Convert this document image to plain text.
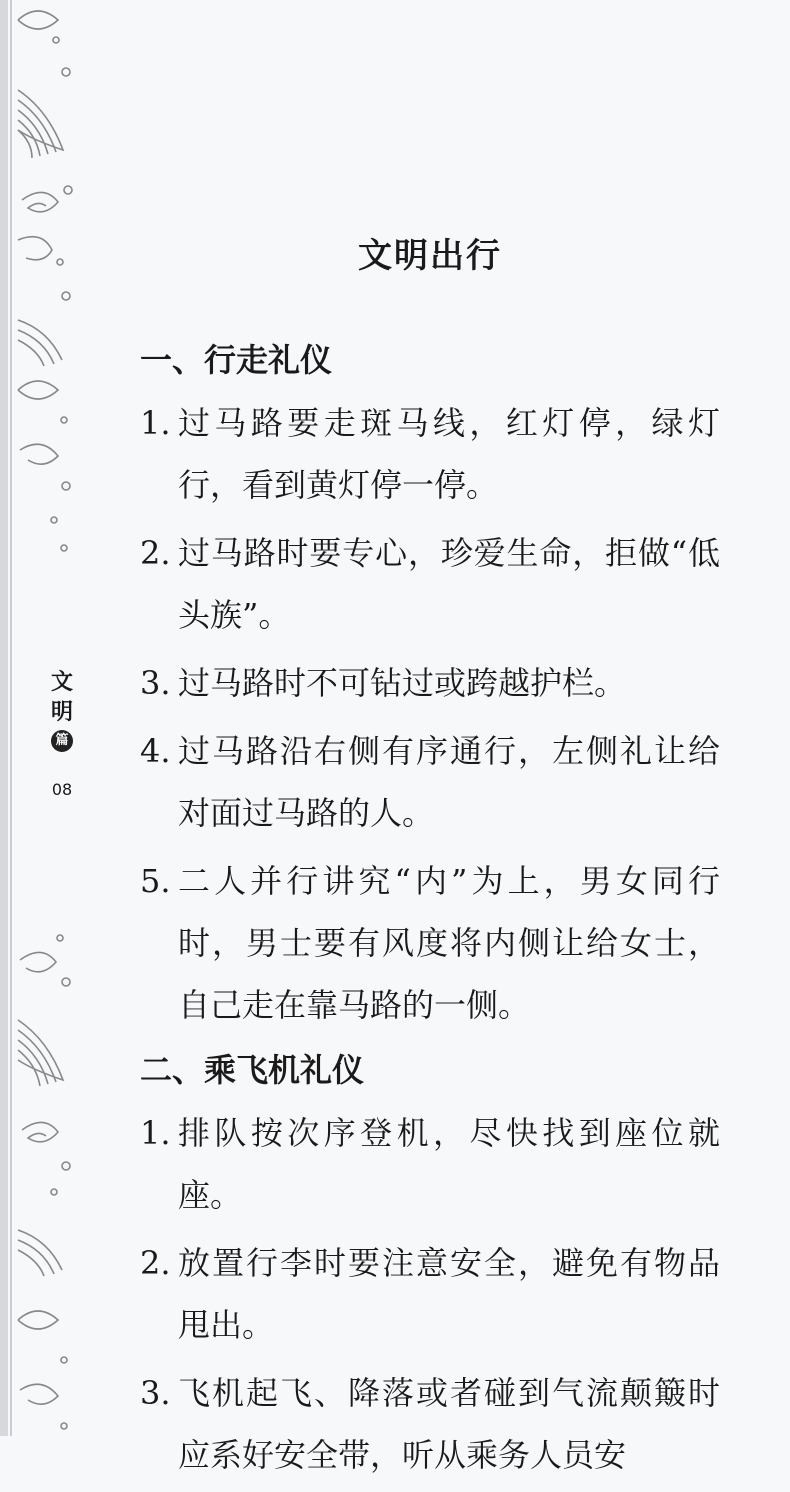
文
明
篇
08
文明出行
一、行走礼仪
1. 过马路要走斑马线，红灯停，绿灯行，看到黄灯停一停。
2. 过马路时要专心，珍爱生命，拒做“低头族”。
3. 过马路时不可钻过或跨越护栏。
4. 过马路沿右侧有序通行，左侧礼让给对面过马路的人。
5. 二人并行讲究“内”为上，男女同行时，男士要有风度将内侧让给女士，自己走在靠马路的一侧。
二、乘飞机礼仪
1. 排队按次序登机，尽快找到座位就座。
2. 放置行李时要注意安全，避免有物品甩出。
3. 飞机起飞、降落或者碰到气流颠簸时应系好安全带，听从乘务人员安
